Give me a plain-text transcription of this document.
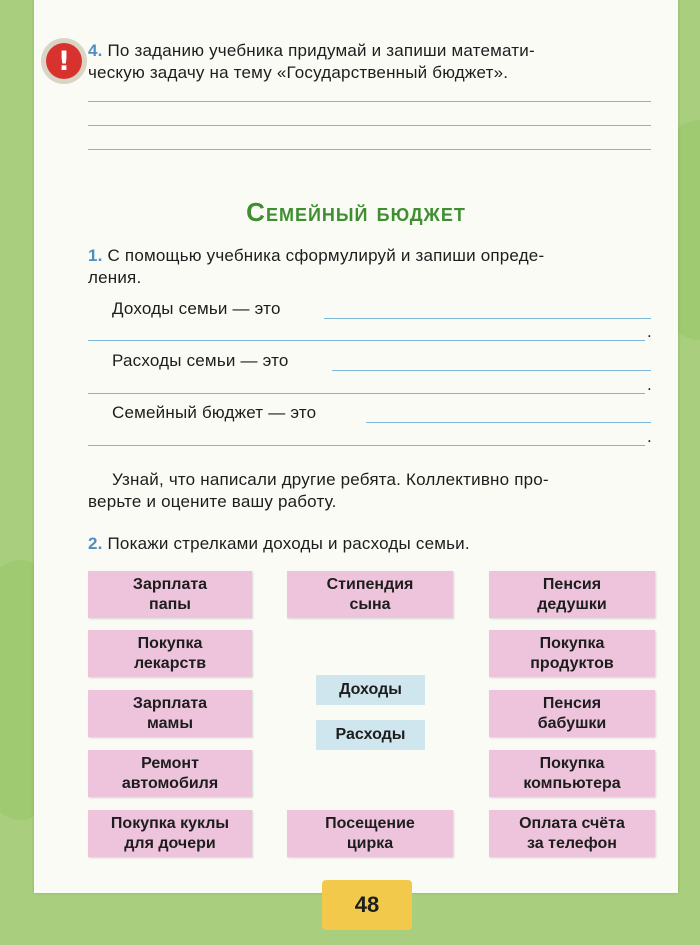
!	4. По заданию учебника придумай и запиши математи-
ческую задачу на тему «Государственный бюджет».
Семейный бюджет
1. С помощью учебника сформулируй и запиши опреде-
ления.
Доходы семьи — это
.
Расходы семьи — это
.
Семейный бюджет — это
.
Узнай, что написали другие ребята. Коллективно про-
верьте и оцените вашу работу.
2. Покажи стрелками доходы и расходы семьи.
Зарплата
папы
Стипендия
сына
Пенсия
дедушки
Покупка
лекарств
Покупка
продуктов
Зарплата
мамы
Пенсия
бабушки
Доходы
Расходы
Ремонт
автомобиля
Покупка
компьютера
Покупка куклы
для дочери
Посещение
цирка
Оплата счёта
за телефон
48
